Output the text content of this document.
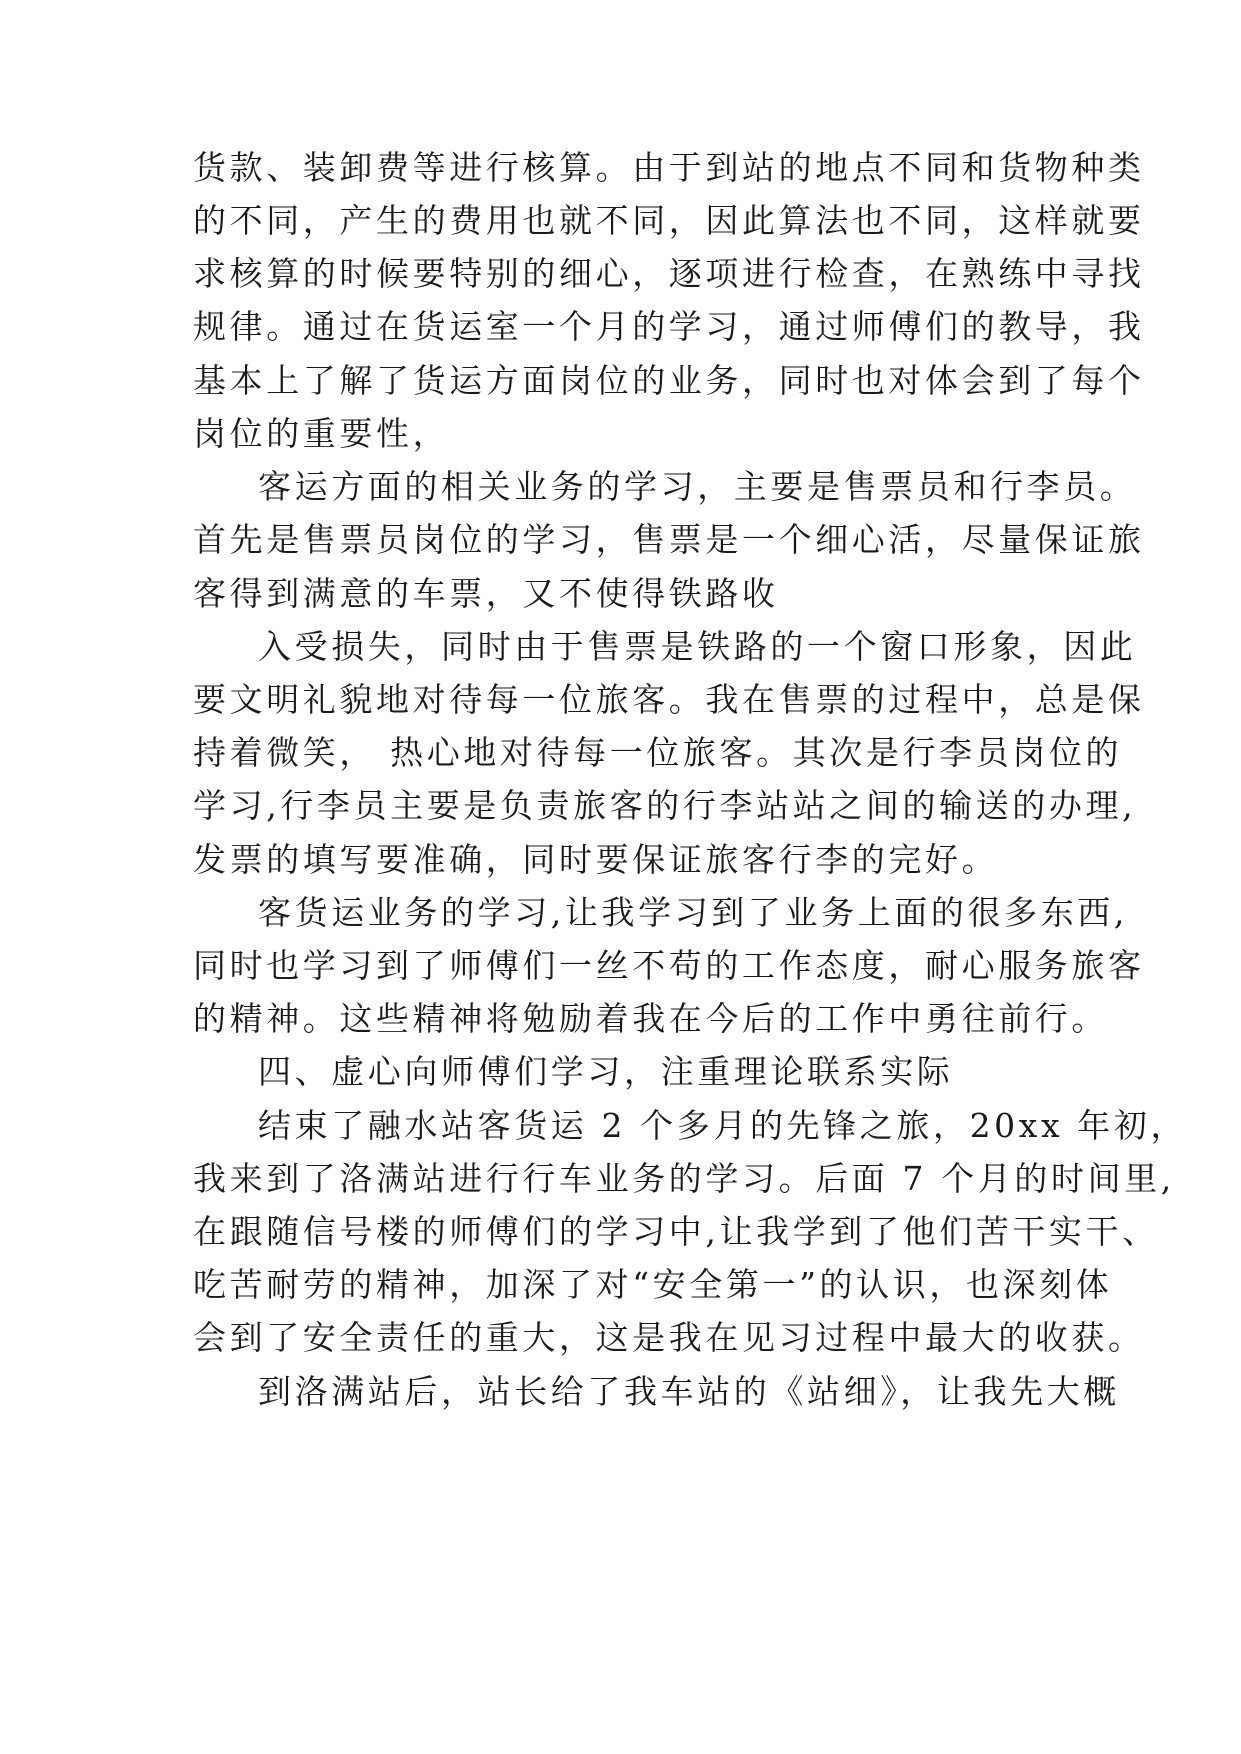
货款、装卸费等进行核算。由于到站的地点不同和货物种类
的不同，产生的费用也就不同，因此算法也不同，这样就要
求核算的时候要特别的细心，逐项进行检查，在熟练中寻找
规律。通过在货运室一个月的学习，通过师傅们的教导，我
基本上了解了货运方面岗位的业务，同时也对体会到了每个
岗位的重要性，
客运方面的相关业务的学习，主要是售票员和行李员。
首先是售票员岗位的学习，售票是一个细心活，尽量保证旅
客得到满意的车票，又不使得铁路收
入受损失，同时由于售票是铁路的一个窗口形象，因此
要文明礼貌地对待每一位旅客。我在售票的过程中，总是保
持着微笑， 热心地对待每一位旅客。其次是行李员岗位的
学习,行李员主要是负责旅客的行李站站之间的输送的办理,
发票的填写要准确，同时要保证旅客行李的完好。
客货运业务的学习,让我学习到了业务上面的很多东西,
同时也学习到了师傅们一丝不苟的工作态度，耐心服务旅客
的精神。这些精神将勉励着我在今后的工作中勇往前行。
四、虚心向师傅们学习，注重理论联系实际
结束了融水站客货运 2 个多月的先锋之旅，20xx 年初，
我来到了洛满站进行行车业务的学习。后面 7 个月的时间里,
在跟随信号楼的师傅们的学习中,让我学到了他们苦干实干、
吃苦耐劳的精神，加深了对“安全第一”的认识，也深刻体
会到了安全责任的重大，这是我在见习过程中最大的收获。
到洛满站后，站长给了我车站的《站细》，让我先大概
